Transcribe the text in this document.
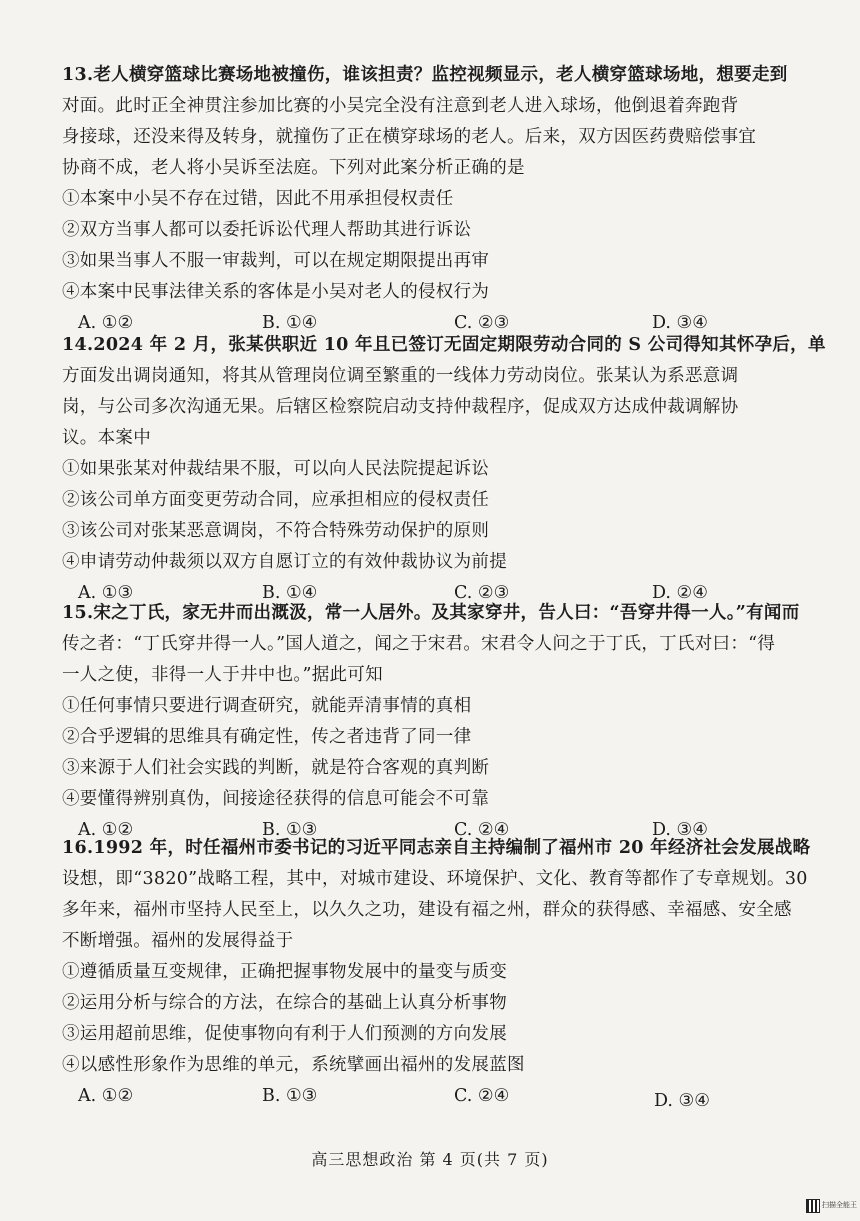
13.老人横穿篮球比赛场地被撞伤，谁该担责？监控视频显示，老人横穿篮球场地，想要走到
对面。此时正全神贯注参加比赛的小吴完全没有注意到老人进入球场，他倒退着奔跑背
身接球，还没来得及转身，就撞伤了正在横穿球场的老人。后来，双方因医药费赔偿事宜
协商不成，老人将小吴诉至法庭。下列对此案分析正确的是
①本案中小吴不存在过错，因此不用承担侵权责任
②双方当事人都可以委托诉讼代理人帮助其进行诉讼
③如果当事人不服一审裁判，可以在规定期限提出再审
④本案中民事法律关系的客体是小吴对老人的侵权行为
A. ①②	B. ①④	C. ②③	D. ③④
14.2024 年 2 月，张某供职近 10 年且已签订无固定期限劳动合同的 S 公司得知其怀孕后，单
方面发出调岗通知，将其从管理岗位调至繁重的一线体力劳动岗位。张某认为系恶意调
岗，与公司多次沟通无果。后辖区检察院启动支持仲裁程序，促成双方达成仲裁调解协
议。本案中
①如果张某对仲裁结果不服，可以向人民法院提起诉讼
②该公司单方面变更劳动合同，应承担相应的侵权责任
③该公司对张某恶意调岗，不符合特殊劳动保护的原则
④申请劳动仲裁须以双方自愿订立的有效仲裁协议为前提
A. ①③	B. ①④	C. ②③	D. ②④
15.宋之丁氏，家无井而出溉汲，常一人居外。及其家穿井，告人曰：“吾穿井得一人。”有闻而
传之者：“丁氏穿井得一人。”国人道之，闻之于宋君。宋君令人问之于丁氏，丁氏对曰：“得
一人之使，非得一人于井中也。”据此可知
①任何事情只要进行调查研究，就能弄清事情的真相
②合乎逻辑的思维具有确定性，传之者违背了同一律
③来源于人们社会实践的判断，就是符合客观的真判断
④要懂得辨别真伪，间接途径获得的信息可能会不可靠
A. ①②	B. ①③	C. ②④	D. ③④
16.1992 年，时任福州市委书记的习近平同志亲自主持编制了福州市 20 年经济社会发展战略
设想，即“3820”战略工程，其中，对城市建设、环境保护、文化、教育等都作了专章规划。30
多年来，福州市坚持人民至上，以久久之功，建设有福之州，群众的获得感、幸福感、安全感
不断增强。福州的发展得益于
①遵循质量互变规律，正确把握事物发展中的量变与质变
②运用分析与综合的方法，在综合的基础上认真分析事物
③运用超前思维，促使事物向有利于人们预测的方向发展
④以感性形象作为思维的单元，系统擘画出福州的发展蓝图
A. ①②	B. ①③	C. ②④	D. ③④
高三思想政治 第 4 页(共 7 页)
扫描全能王
